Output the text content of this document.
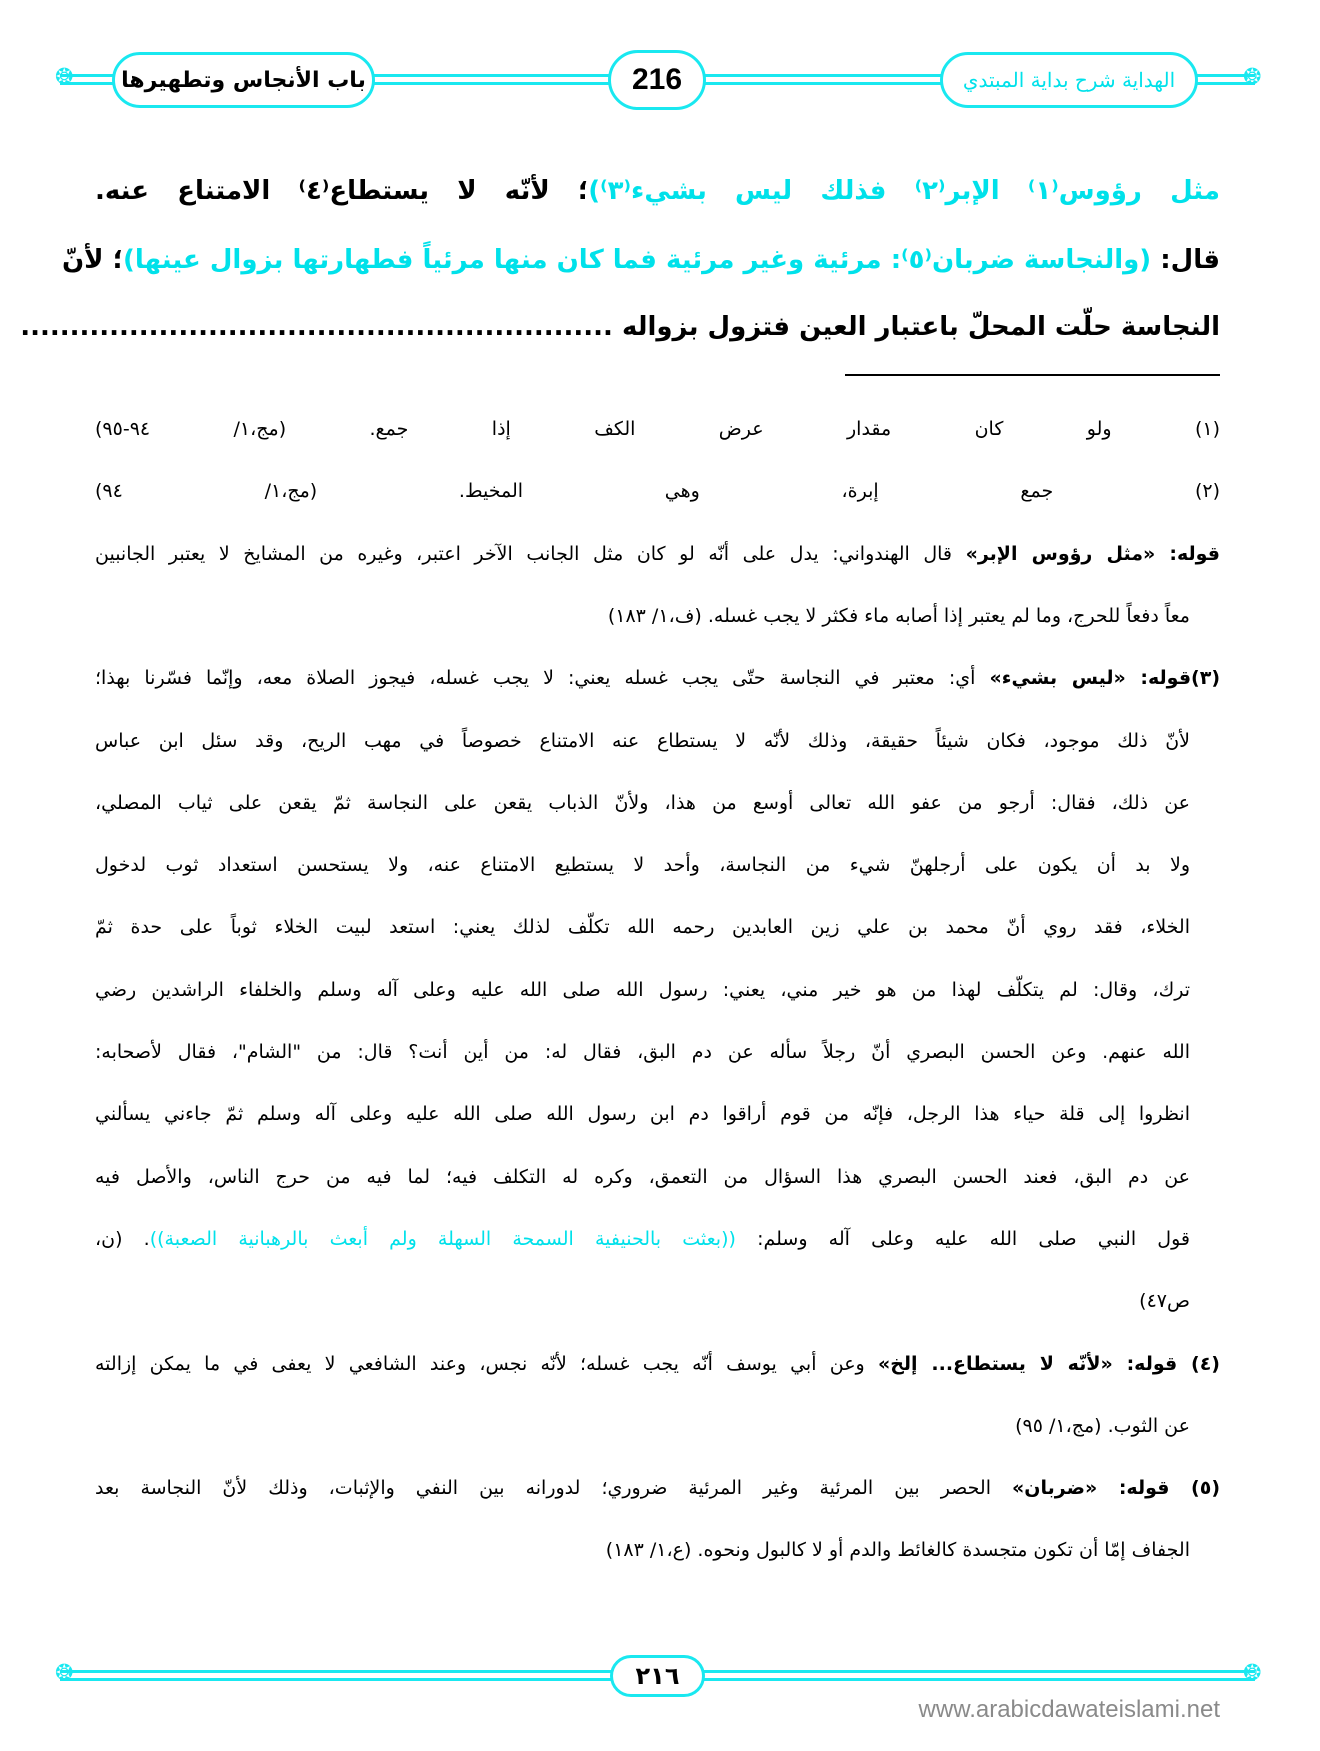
❂	❂
باب الأنجاس وتطهيرها	216	الهداية شرح بداية المبتدي
مثل رؤوس⁽١⁾ الإبر⁽٢⁾ فذلك ليس بشيء⁽٣⁾)؛ لأنّه لا يستطاع⁽٤⁾ الامتناع عنه.
قال: (والنجاسة ضربان⁽٥⁾: مرئية وغير مرئية فما كان منها مرئياً فطهارتها بزوال عينها)؛ لأنّ
النجاسة حلّت المحلّ باعتبار العين فتزول بزواله ............................................................
(١) ولو كان مقدار عرض الكف إذا جمع. (مج،١/ ٩٤-٩٥)
(٢) جمع إبرة، وهي المخيط. (مج،١/ ٩٤)
قوله: «مثل رؤوس الإبر» قال الهندواني: يدل على أنّه لو كان مثل الجانب الآخر اعتبر، وغيره من المشايخ لا يعتبر الجانبين
معاً دفعاً للحرج، وما لم يعتبر إذا أصابه ماء فكثر لا يجب غسله. (ف،١/ ١٨٣)
(٣)قوله: «ليس بشيء» أي: معتبر في النجاسة حتّى يجب غسله يعني: لا يجب غسله، فيجوز الصلاة معه، وإنّما فسّرنا بهذا؛
لأنّ ذلك موجود، فكان شيئاً حقيقة، وذلك لأنّه لا يستطاع عنه الامتناع خصوصاً في مهب الريح، وقد سئل ابن عباس
عن ذلك، فقال: أرجو من عفو الله تعالى أوسع من هذا، ولأنّ الذباب يقعن على النجاسة ثمّ يقعن على ثياب المصلي،
ولا بد أن يكون على أرجلهنّ شيء من النجاسة، وأحد لا يستطيع الامتناع عنه، ولا يستحسن استعداد ثوب لدخول
الخلاء، فقد روي أنّ محمد بن علي زين العابدين رحمه الله تكلّف لذلك يعني: استعد لبيت الخلاء ثوباً على حدة ثمّ
ترك، وقال: لم يتكلّف لهذا من هو خير مني، يعني: رسول الله صلى الله عليه وعلى آله وسلم والخلفاء الراشدين رضي
الله عنهم. وعن الحسن البصري أنّ رجلاً سأله عن دم البق، فقال له: من أين أنت؟ قال: من "الشام"، فقال لأصحابه:
انظروا إلى قلة حياء هذا الرجل، فإنّه من قوم أراقوا دم ابن رسول الله صلى الله عليه وعلى آله وسلم ثمّ جاءني يسألني
عن دم البق، فعند الحسن البصري هذا السؤال من التعمق، وكره له التكلف فيه؛ لما فيه من حرج الناس، والأصل فيه
قول النبي صلى الله عليه وعلى آله وسلم: ((بعثت بالحنيفية السمحة السهلة ولم أبعث بالرهبانية الصعبة)). (ن،
ص٤٧)
(٤) قوله: «لأنّه لا يستطاع... إلخ» وعن أبي يوسف أنّه يجب غسله؛ لأنّه نجس، وعند الشافعي لا يعفى في ما يمكن إزالته
عن الثوب. (مج،١/ ٩٥)
(٥) قوله: «ضربان» الحصر بين المرئية وغير المرئية ضروري؛ لدورانه بين النفي والإثبات، وذلك لأنّ النجاسة بعد
الجفاف إمّا أن تكون متجسدة كالغائط والدم أو لا كالبول ونحوه. (ع،١/ ١٨٣)
❂	❂
٢١٦
www.arabicdawateislami.net
